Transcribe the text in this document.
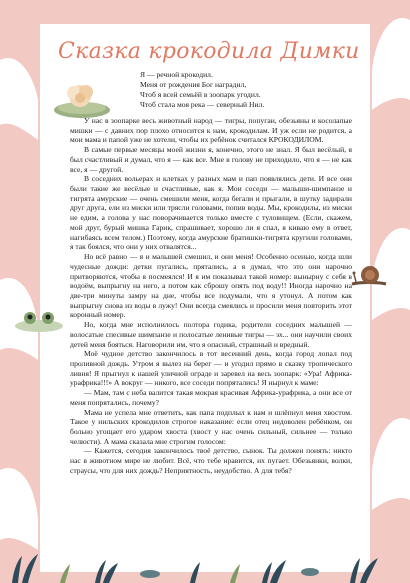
Сказка крокодила Димки
Я — речной крокодил.
Меня от рождения Бог наградил,
Чтоб я всей семьёй в зоопарк угодил.
Чтоб стала моя река — северный Нил.

У нас в зоопарке весь животный народ — тигры, попугаи, обезьяны и косолапые мишки — с давних пор плохо относится к нам, крокодилам. И уж если не родится, а мои мама и папой уже не хотели, чтобы их ребёнок считался КРОКОДИЛОМ.

В самые первые месяцы моей жизни я, конечно, этого не знал. Я был весёлый, я был счастливый и думал, что я — как все. Мне в голову не приходило, что я — не как все, я — другой.

В соседних вольерах и клетках у разных мам и пап появлялись дети. И все они были такие же весёлые и счастливые, как я. Мои соседи — малыши-шимпанзе и тигрята амурские — очень смешили меня, когда бегали и прыгали, в шутку задирали друг друга, ели из миски или трясли головами, попив воды. Мы, крокодилы, из миски не едим, а голова у нас поворачивается только вместе с туловищем. (Если, скажем, мой друг, бурый мишка Гарик, спрашивает, хорошо ли я спал, я киваю ему в ответ, нагибаясь всем телом.) Поэтому, когда амурские братишки-тигрята кругили головами, я так боялся, что они у них отвалятся...

Но всё равно — я и малышей смешил, и они меня! Особенно осенью, когда шли чудесные дожди: детки пугались, прятались, а я думал, что это они нарочно притворяются, чтобы я посмеялся! И я им показывал такой номер: вынырну с себя в водоём, выпрыгну на него, а потом как сброшу опять под воду!! Иногда нарочно на две-три минуты замру на дне, чтобы все подумали, что я утонул. А потом как выпрыгну снова из воды в лужу! Они всегда смеялись и просили меня повторить этот коронный номер.

Но, когда мне исполнилось полтора годика, родители соседних малышей — волосатые спесивые шимпанзе и полосатые ленивые тигры — эх... они научили своих детей меня бояться. Наговорили им, что я опасный, страшный и вредный.

Моё чудное детство закончилось в тот весенний день, когда город лопал под проливной дождь. Утром я вылез на берег — и угодил прямо в сказку тропического ливня! Я прыгнул к нашей уличной ограде и заревел на весь зоопарк: «Ура! Африка-урафрика!!!» А вокруг — никого, все соседи попрятались! Я нырнул к маме:

— Мам, там с неба валится такая мокрая красивая Африка-урафрика, а они все от меня попрятались, почему?

Мама не успела мне ответить, как папа подплыл к нам и шлёпнул меня хвостом. Такое у нильских крокодилов строгое наказание: если отец недоволен ребёнком, он больно угощает его ударом хвоста (хвост у нас очень сильный, сильнее — только челюсти). А мама сказала мне строгим голосом:

— Кажется, сегодня закончилось твоё детство, сынок. Ты должен понять: никто нас в животном мире не любит. Всё, что тебе нравится, их пугает. Обезьянки, волки, страусы, что для них дождь? Неприятность, неудобство. А для тебя?
